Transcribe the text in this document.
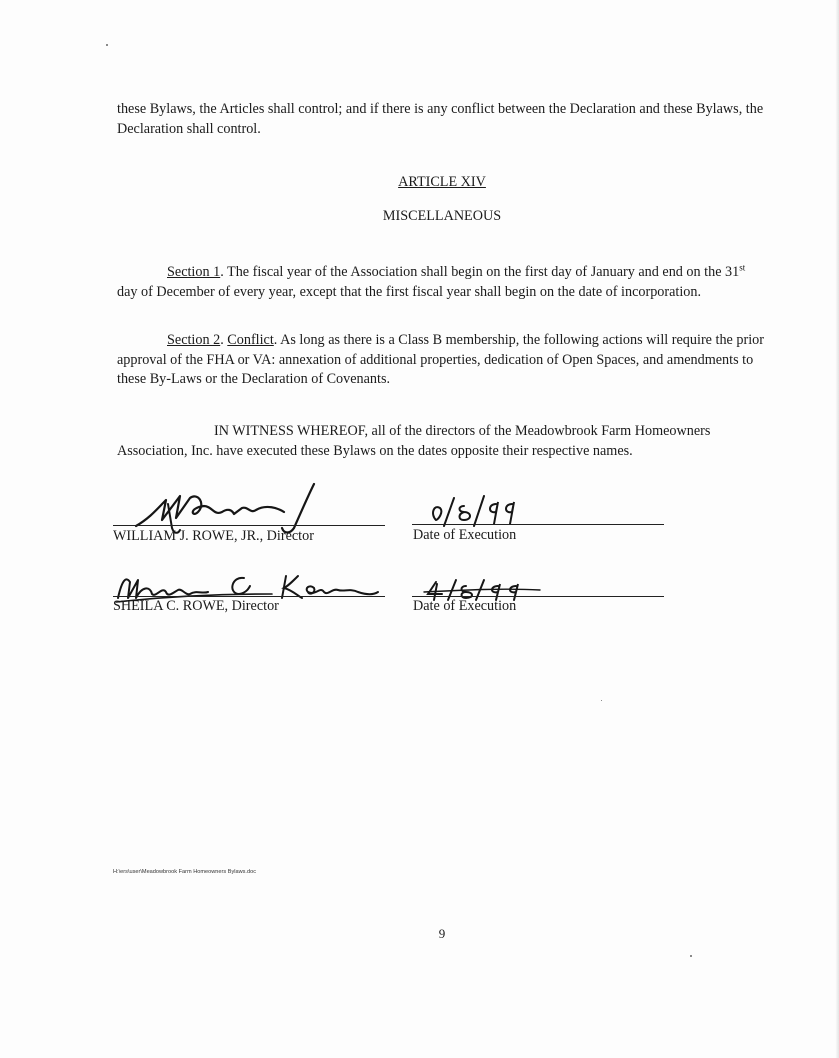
these Bylaws, the Articles shall control; and if there is any conflict between the Declaration and these Bylaws, the Declaration shall control.

ARTICLE XIV

MISCELLANEOUS

Section 1. The fiscal year of the Association shall begin on the first day of January and end on the 31st day of December of every year, except that the first fiscal year shall begin on the date of incorporation.

Section 2. Conflict. As long as there is a Class B membership, the following actions will require the prior approval of the FHA or VA: annexation of additional properties, dedication of Open Spaces, and amendments to these By-Laws or the Declaration of Covenants.

IN WITNESS WHEREOF, all of the directors of the Meadowbrook Farm Homeowners Association, Inc. have executed these Bylaws on the dates opposite their respective names.

WILLIAM J. ROWE, JR., Director	Date of Execution
SHEILA C. ROWE, Director	Date of Execution
H:\ers\user\Meadowbrook Farm Homeowners Bylaws.doc
9
